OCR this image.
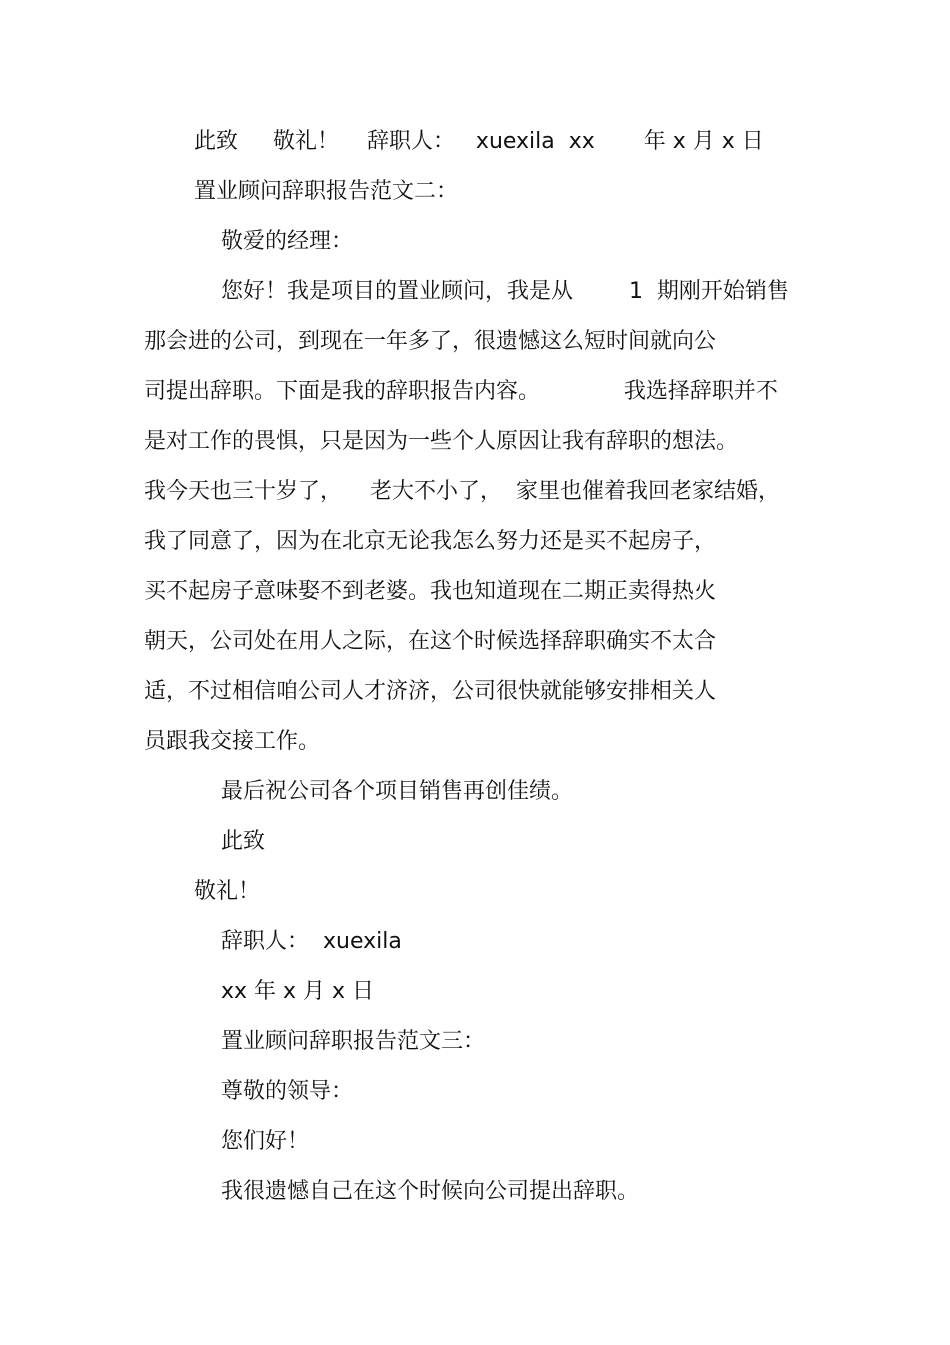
此致     敬礼！    辞职人：   xuexila  xx       年 x 月 x 日

置业顾问辞职报告范文二：

敬爱的经理：

您好！我是项目的置业顾问，我是从        1  期刚开始销售

那会进的公司，到现在一年多了，很遗憾这么短时间就向公

司提出辞职。下面是我的辞职报告内容。            我选择辞职并不

是对工作的畏惧，只是因为一些个人原因让我有辞职的想法。

我今天也三十岁了，    老大不小了，  家里也催着我回老家结婚，

我了同意了，因为在北京无论我怎么努力还是买不起房子，

买不起房子意味娶不到老婆。我也知道现在二期正卖得热火

朝天，公司处在用人之际，在这个时候选择辞职确实不太合

适，不过相信咱公司人才济济，公司很快就能够安排相关人

员跟我交接工作。

最后祝公司各个项目销售再创佳绩。

此致

敬礼！

辞职人：  xuexila

xx 年 x 月 x 日

置业顾问辞职报告范文三：

尊敬的领导：

您们好！

我很遗憾自己在这个时候向公司提出辞职。
